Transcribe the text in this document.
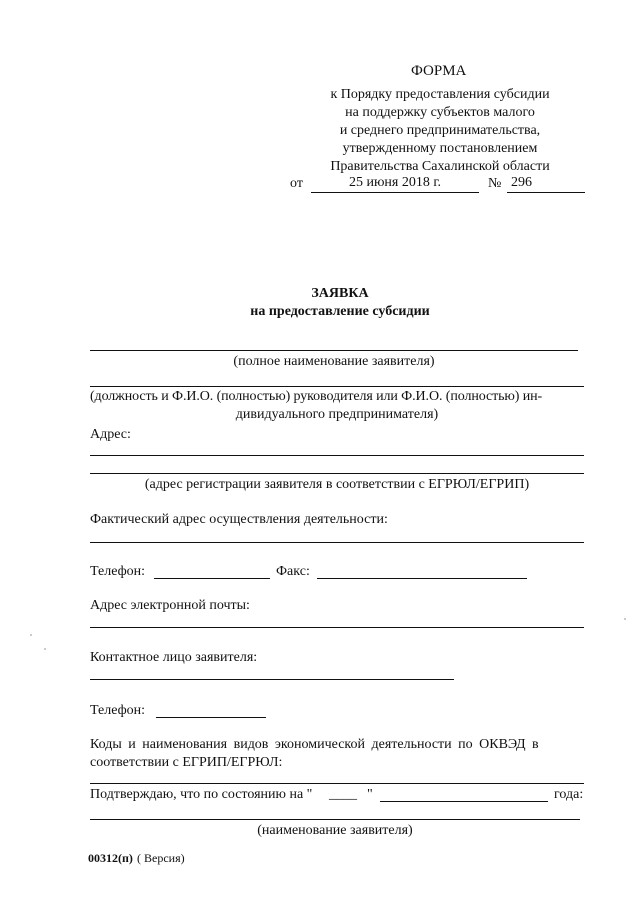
ФОРМА
к Порядку предоставления субсидии
на поддержку субъектов малого
и среднего предпринимательства,
утвержденному постановлением
Правительства Сахалинской области
от	25 июня 2018 г.	№ 296
ЗАЯВКА
на предоставление субсидии
(полное наименование заявителя)
(должность и Ф.И.О. (полностью) руководителя или Ф.И.О. (полностью) ин-
дивидуального предпринимателя)
Адрес:
(адрес регистрации заявителя в соответствии с ЕГРЮЛ/ЕГРИП)
Фактический адрес осуществления деятельности:
Телефон:	Факс:
Адрес электронной почты:
Контактное лицо заявителя:
Телефон:
Коды и наименования видов экономической деятельности по ОКВЭД в
соответствии с ЕГРИП/ЕГРЮЛ:
Подтверждаю, что по состоянию на " ____ "	года:
(наименование заявителя)
00312(п) ( Версия)
